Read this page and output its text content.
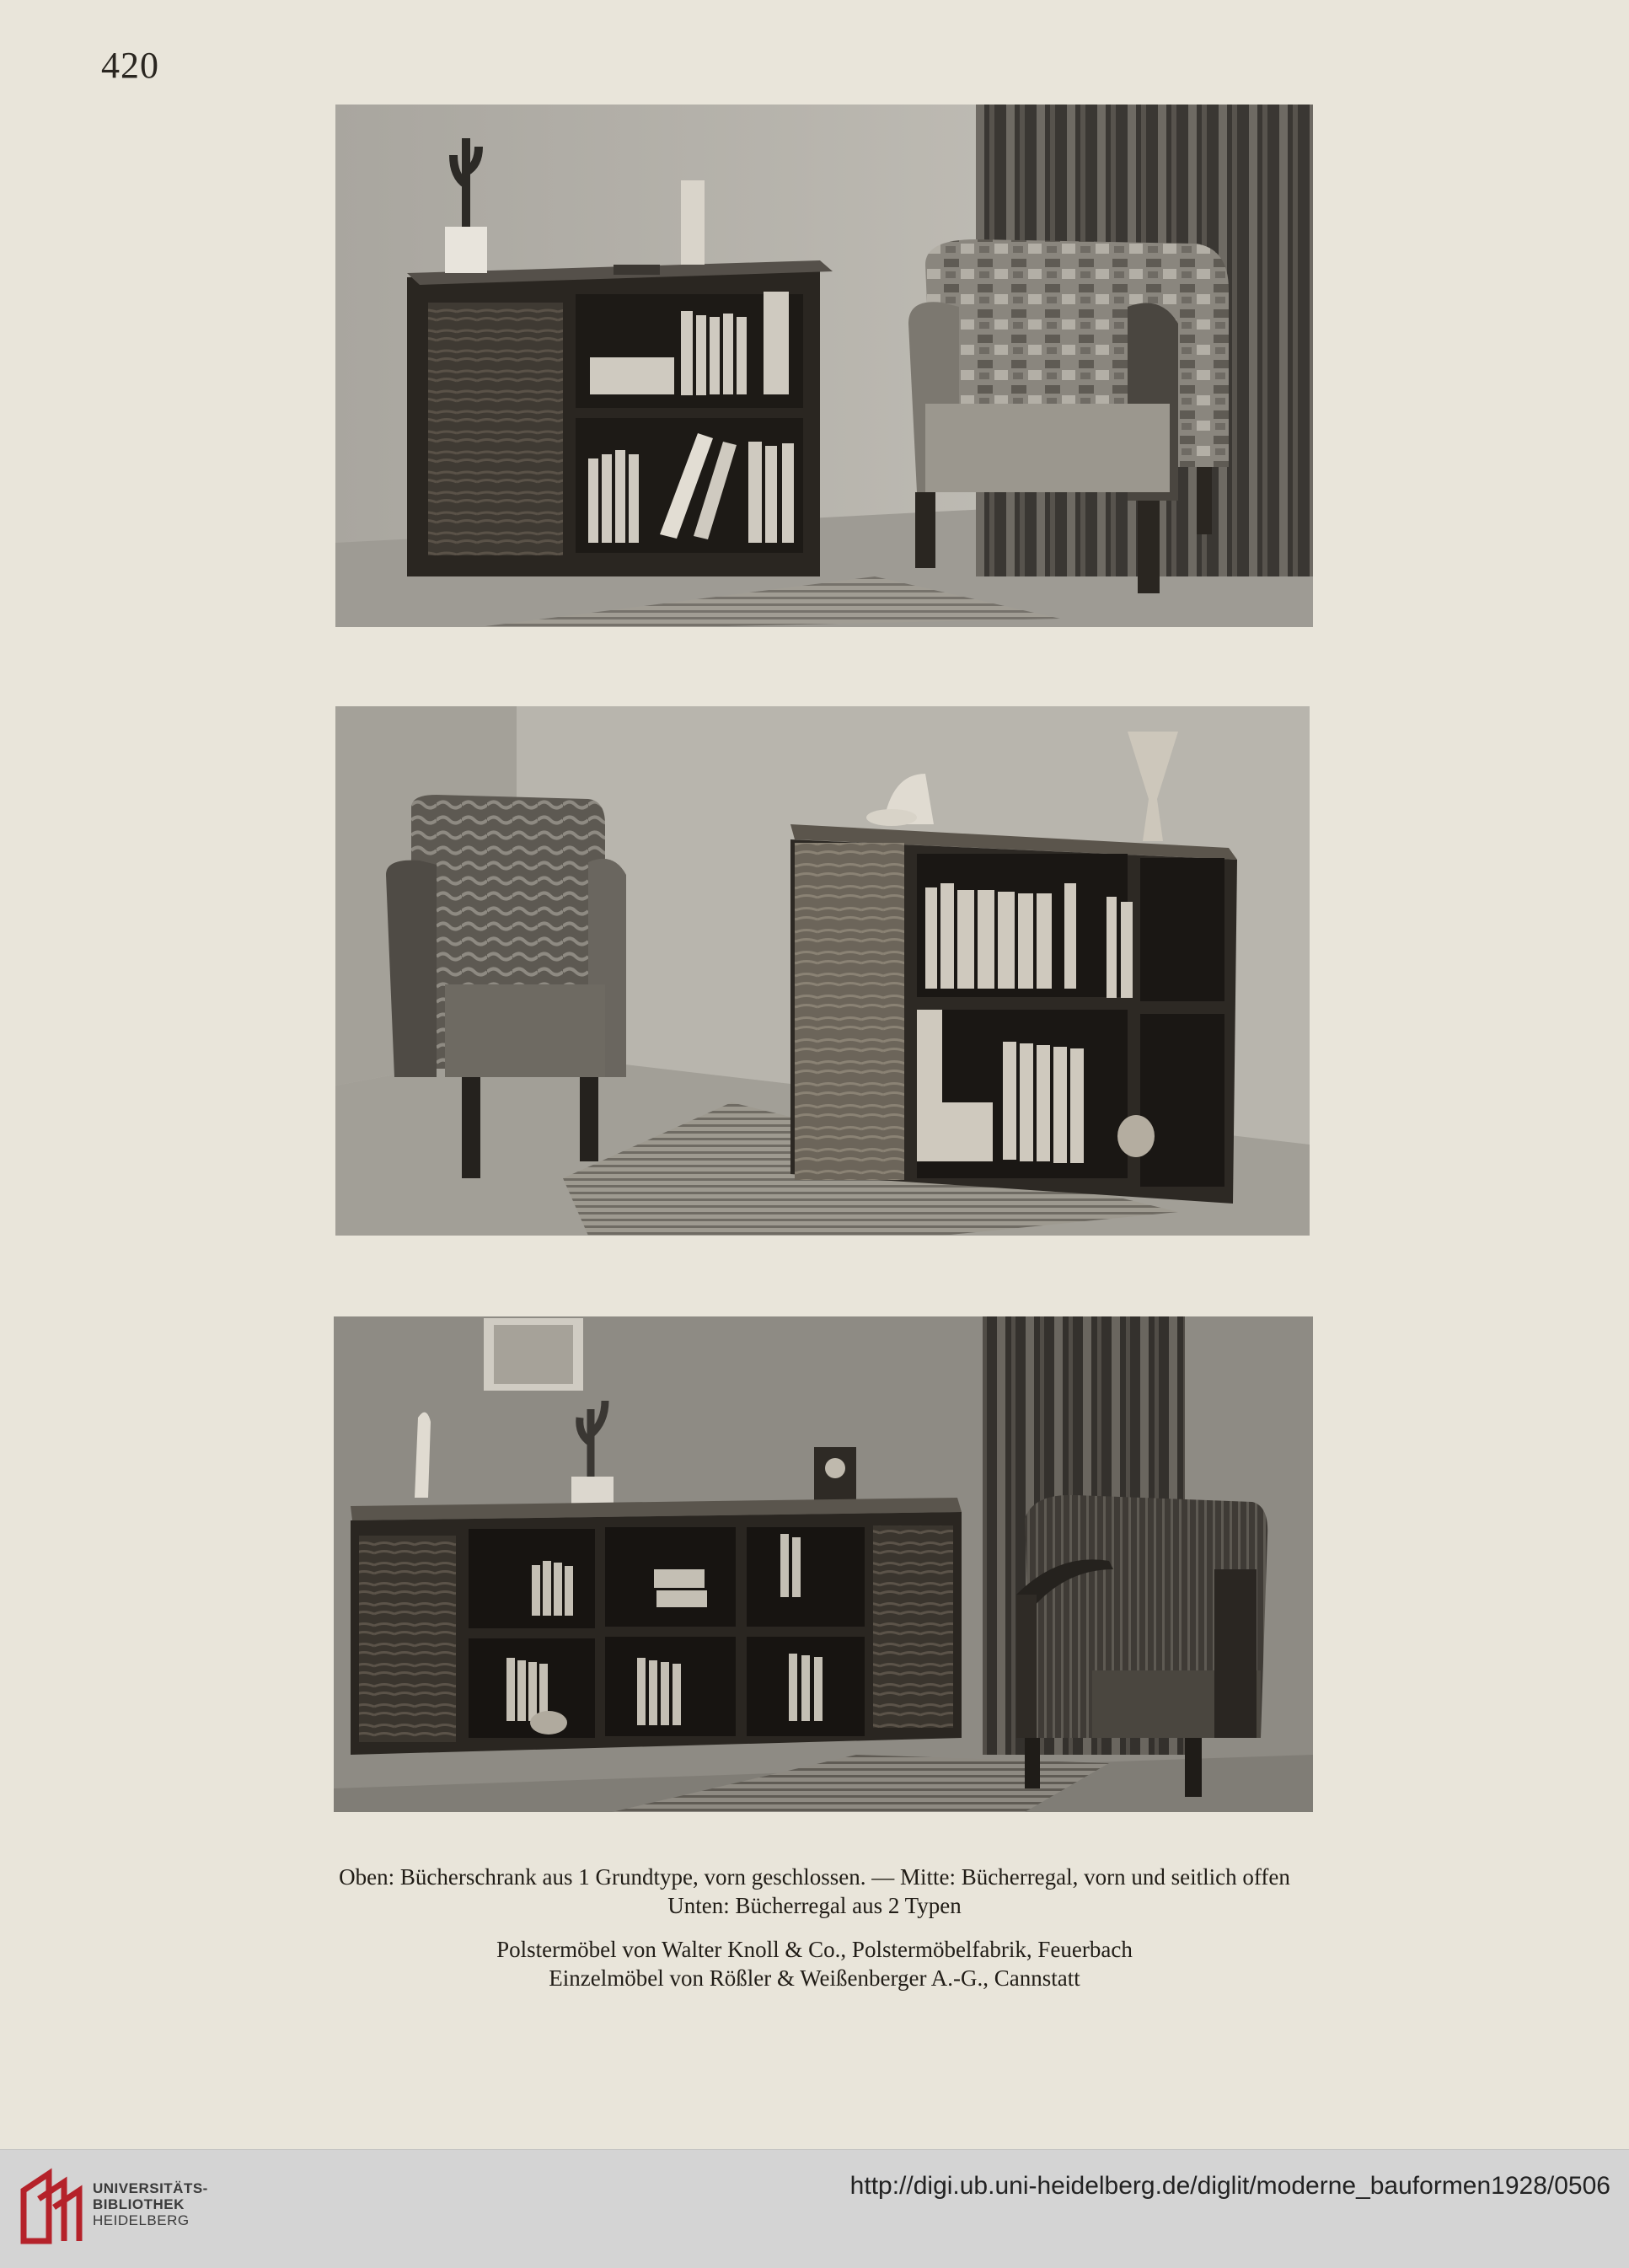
420
Oben: Bücherschrank aus 1 Grundtype, vorn geschlossen. — Mitte: Bücherregal, vorn und seitlich offen
Unten: Bücherregal aus 2 Typen
Polstermöbel von Walter Knoll & Co., Polstermöbelfabrik, Feuerbach
Einzelmöbel von Rößler & Weißenberger A.-G., Cannstatt
UNIVERSITÄTS-
BIBLIOTHEK
HEIDELBERG
http://digi.ub.uni-heidelberg.de/diglit/moderne_bauformen1928/0506
